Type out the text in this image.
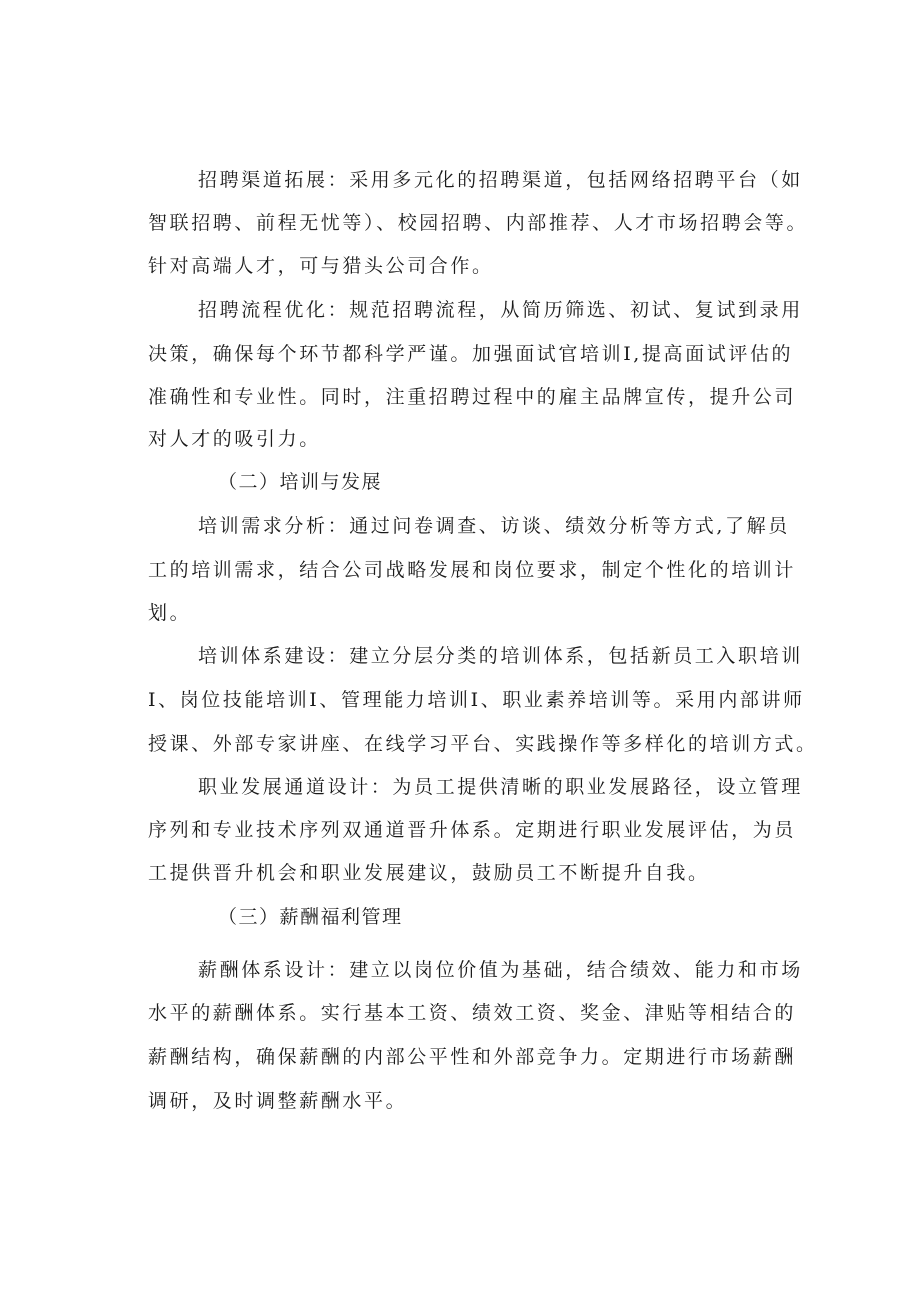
招聘渠道拓展：采用多元化的招聘渠道，包括网络招聘平台（如
智联招聘、前程无忧等）、校园招聘、内部推荐、人才市场招聘会等。
针对高端人才，可与猎头公司合作。
招聘流程优化：规范招聘流程，从简历筛选、初试、复试到录用
决策，确保每个环节都科学严谨。加强面试官培训I,提高面试评估的
准确性和专业性。同时，注重招聘过程中的雇主品牌宣传，提升公司
对人才的吸引力。
（二）培训与发展
培训需求分析：通过问卷调查、访谈、绩效分析等方式,了解员
工的培训需求，结合公司战略发展和岗位要求，制定个性化的培训计
划。
培训体系建设：建立分层分类的培训体系，包括新员工入职培训
I、岗位技能培训I、管理能力培训I、职业素养培训等。采用内部讲师
授课、外部专家讲座、在线学习平台、实践操作等多样化的培训方式。
职业发展通道设计：为员工提供清晰的职业发展路径，设立管理
序列和专业技术序列双通道晋升体系。定期进行职业发展评估，为员
工提供晋升机会和职业发展建议，鼓励员工不断提升自我。
（三）薪酬福利管理
薪酬体系设计：建立以岗位价值为基础，结合绩效、能力和市场
水平的薪酬体系。实行基本工资、绩效工资、奖金、津贴等相结合的
薪酬结构，确保薪酬的内部公平性和外部竞争力。定期进行市场薪酬
调研，及时调整薪酬水平。
